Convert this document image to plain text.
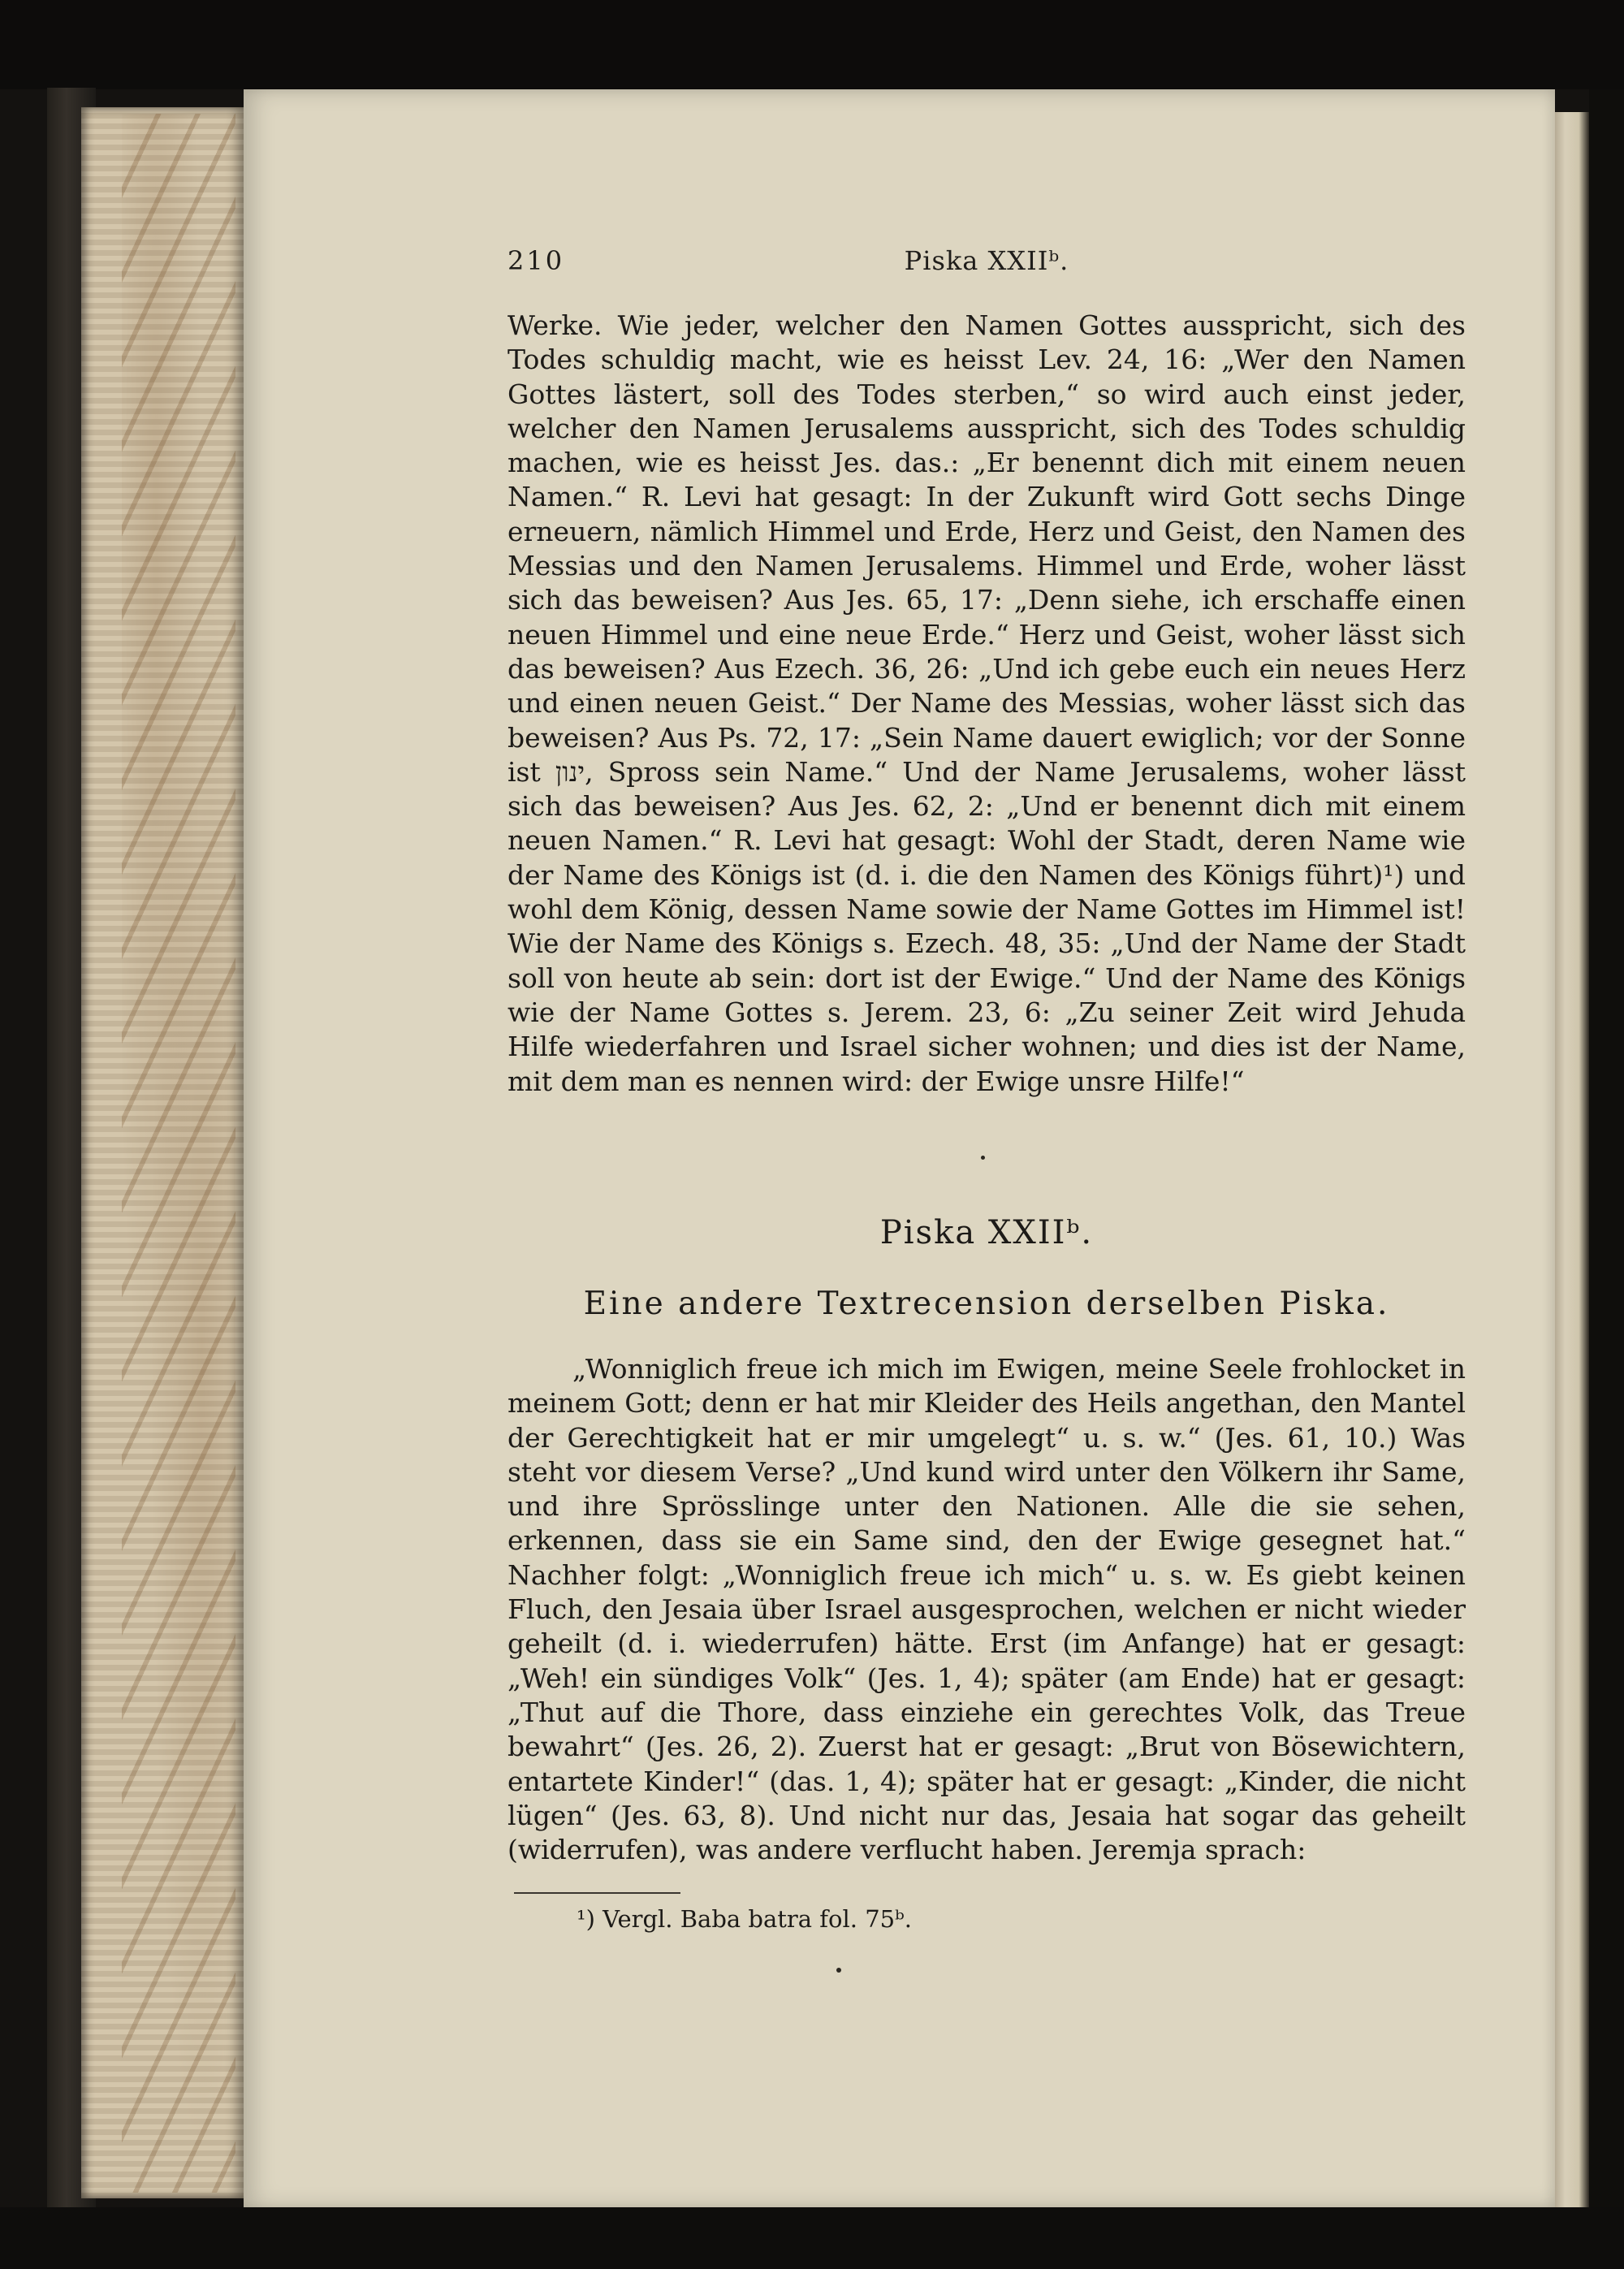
210	Piska XXIIᵇ.

Werke. Wie jeder, welcher den Namen Gottes ausspricht, sich des Todes schuldig macht, wie es heisst Lev. 24, 16: „Wer den Namen Gottes lästert, soll des Todes sterben,“ so wird auch einst jeder, welcher den Namen Jerusalems ausspricht, sich des Todes schuldig machen, wie es heisst Jes. das.: „Er benennt dich mit einem neuen Namen.“ R. Levi hat gesagt: In der Zukunft wird Gott sechs Dinge erneuern, nämlich Himmel und Erde, Herz und Geist, den Namen des Messias und den Namen Jerusalems. Himmel und Erde, woher lässt sich das beweisen? Aus Jes. 65, 17: „Denn siehe, ich erschaffe einen neuen Himmel und eine neue Erde.“ Herz und Geist, woher lässt sich das beweisen? Aus Ezech. 36, 26: „Und ich gebe euch ein neues Herz und einen neuen Geist.“ Der Name des Messias, woher lässt sich das beweisen? Aus Ps. 72, 17: „Sein Name dauert ewiglich; vor der Sonne ist ינון, Spross sein Name.“ Und der Name Jerusalems, woher lässt sich das beweisen? Aus Jes. 62, 2: „Und er benennt dich mit einem neuen Namen.“ R. Levi hat gesagt: Wohl der Stadt, deren Name wie der Name des Königs ist (d. i. die den Namen des Königs führt)¹) und wohl dem König, dessen Name sowie der Name Gottes im Himmel ist! Wie der Name des Königs s. Ezech. 48, 35: „Und der Name der Stadt soll von heute ab sein: dort ist der Ewige.“ Und der Name des Königs wie der Name Gottes s. Jerem. 23, 6: „Zu seiner Zeit wird Jehuda Hilfe wiederfahren und Israel sicher wohnen; und dies ist der Name, mit dem man es nennen wird: der Ewige unsre Hilfe!“

Piska XXIIᵇ.
Eine andere Textrecension derselben Piska.

„Wonniglich freue ich mich im Ewigen, meine Seele frohlocket in meinem Gott; denn er hat mir Kleider des Heils angethan, den Mantel der Gerechtigkeit hat er mir umgelegt“ u. s. w.“ (Jes. 61, 10.) Was steht vor diesem Verse? „Und kund wird unter den Völkern ihr Same, und ihre Sprösslinge unter den Nationen. Alle die sie sehen, erkennen, dass sie ein Same sind, den der Ewige gesegnet hat.“ Nachher folgt: „Wonniglich freue ich mich“ u. s. w. Es giebt keinen Fluch, den Jesaia über Israel ausgesprochen, welchen er nicht wieder geheilt (d. i. wiederrufen) hätte. Erst (im Anfange) hat er gesagt: „Weh! ein sündiges Volk“ (Jes. 1, 4); später (am Ende) hat er gesagt: „Thut auf die Thore, dass einziehe ein gerechtes Volk, das Treue bewahrt“ (Jes. 26, 2). Zuerst hat er gesagt: „Brut von Bösewichtern, entartete Kinder!“ (das. 1, 4); später hat er gesagt: „Kinder, die nicht lügen“ (Jes. 63, 8). Und nicht nur das, Jesaia hat sogar das geheilt (widerrufen), was andere verflucht haben. Jeremja sprach:

¹) Vergl. Baba batra fol. 75ᵇ.
